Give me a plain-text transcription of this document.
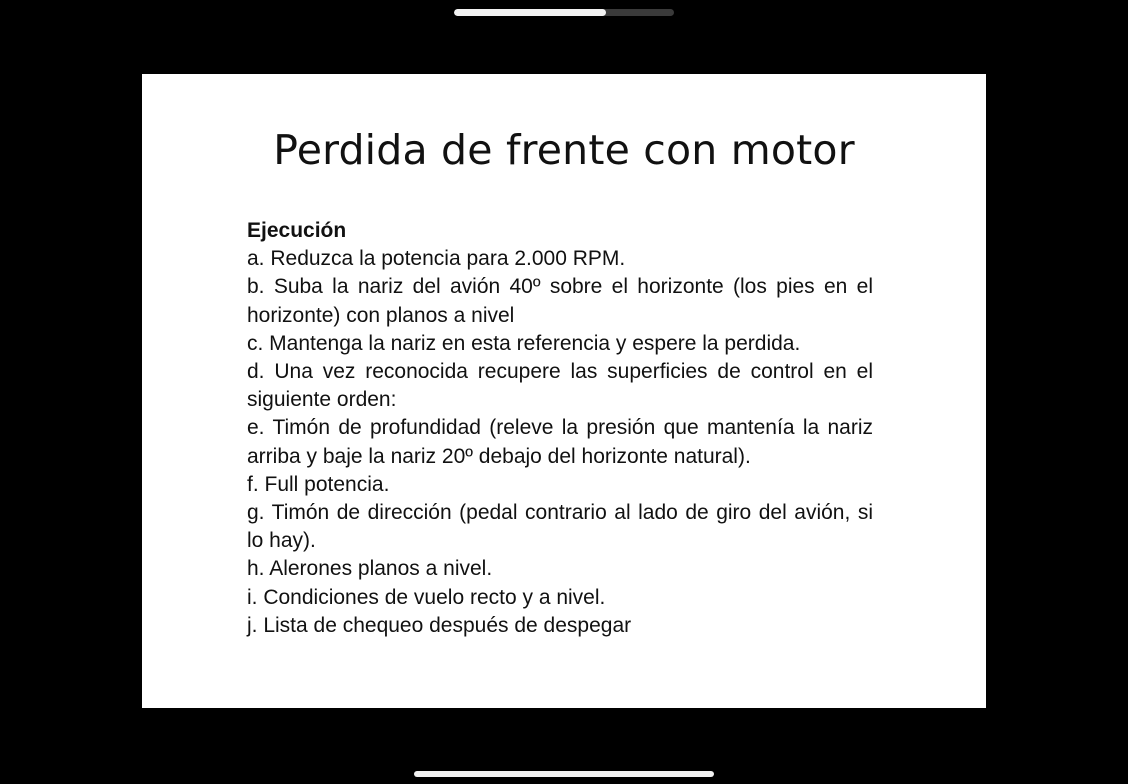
Perdida de frente con motor
Ejecución
a. Reduzca la potencia para 2.000 RPM.
b. Suba la nariz del avión 40º sobre el horizonte (los pies en el horizonte) con planos a nivel
c. Mantenga la nariz en esta referencia y espere la perdida.
d. Una vez reconocida recupere las superficies de control en el siguiente orden:
e. Timón de profundidad (releve la presión que mantenía la nariz arriba y baje la nariz 20º debajo del horizonte natural).
f. Full potencia.
g. Timón de dirección (pedal contrario al lado de giro del avión, si lo hay).
h. Alerones planos a nivel.
i. Condiciones de vuelo recto y a nivel.
j. Lista de chequeo después de despegar
